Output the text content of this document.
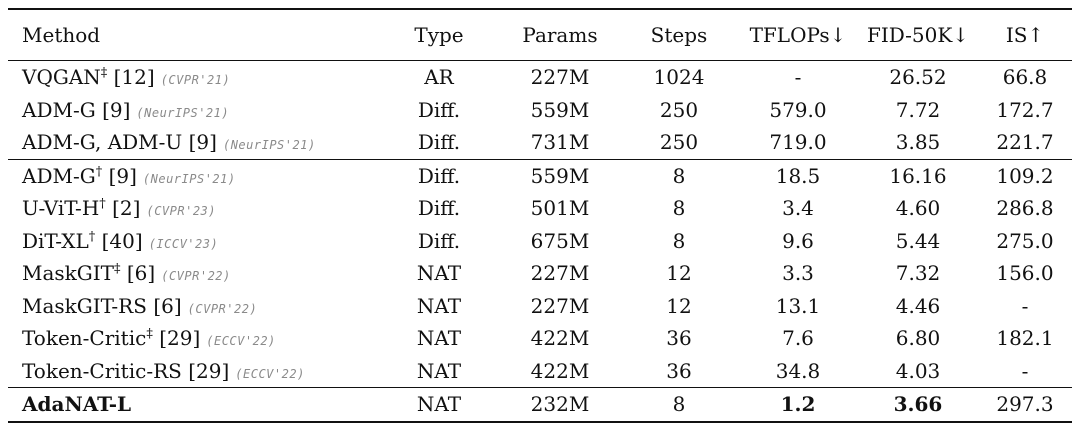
Method	Type	Params	Steps	TFLOPs↓	FID-50K↓	IS↑
VQGAN‡ [12] (CVPR'21)	AR	227M	1024	-	26.52	66.8
ADM-G [9] (NeurIPS'21)	Diff.	559M	250	579.0	7.72	172.7
ADM-G, ADM-U [9] (NeurIPS'21)	Diff.	731M	250	719.0	3.85	221.7
ADM-G† [9] (NeurIPS'21)	Diff.	559M	8	18.5	16.16	109.2
U-ViT-H† [2] (CVPR'23)	Diff.	501M	8	3.4	4.60	286.8
DiT-XL† [40] (ICCV'23)	Diff.	675M	8	9.6	5.44	275.0
MaskGIT‡ [6] (CVPR'22)	NAT	227M	12	3.3	7.32	156.0
MaskGIT-RS [6] (CVPR'22)	NAT	227M	12	13.1	4.46	-
Token-Critic‡ [29] (ECCV'22)	NAT	422M	36	7.6	6.80	182.1
Token-Critic-RS [29] (ECCV'22)	NAT	422M	36	34.8	4.03	-
AdaNAT-L	NAT	232M	8	1.2	3.66	297.3
